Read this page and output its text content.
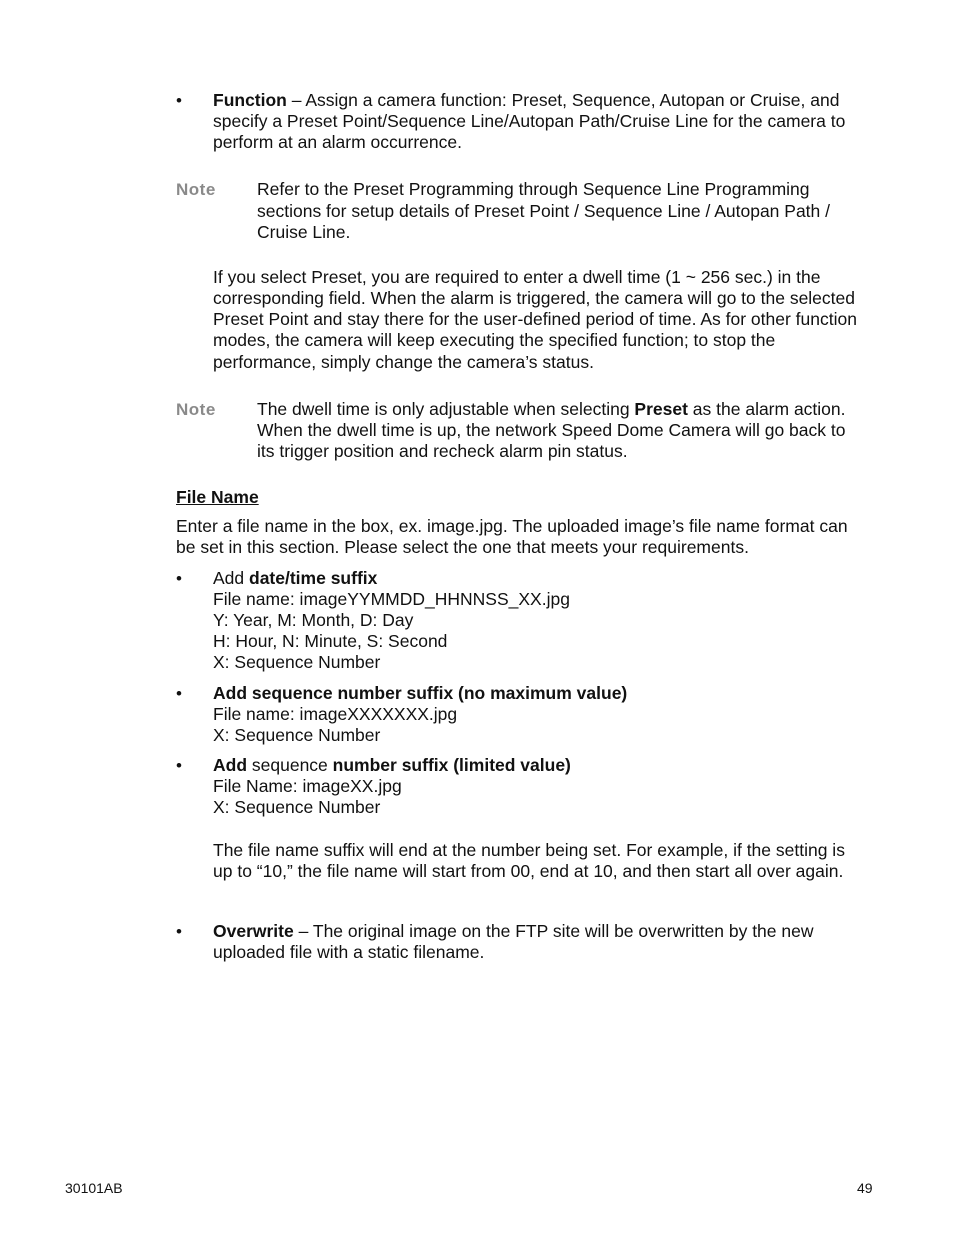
• Function – Assign a camera function: Preset, Sequence, Autopan or Cruise, and
specify a Preset Point/Sequence Line/Autopan Path/Cruise Line for the camera to
perform at an alarm occurrence.
Note Refer to the Preset Programming through Sequence Line Programming
sections for setup details of Preset Point / Sequence Line / Autopan Path /
Cruise Line.
If you select Preset, you are required to enter a dwell time (1 ~ 256 sec.) in the
corresponding field. When the alarm is triggered, the camera will go to the selected
Preset Point and stay there for the user-defined period of time. As for other function
modes, the camera will keep executing the specified function; to stop the
performance, simply change the camera’s status.
Note The dwell time is only adjustable when selecting Preset as the alarm action.
When the dwell time is up, the network Speed Dome Camera will go back to
its trigger position and recheck alarm pin status.
File Name
Enter a file name in the box, ex. image.jpg. The uploaded image’s file name format can
be set in this section. Please select the one that meets your requirements.
• Add date/time suffix
File name: imageYYMMDD_HHNNSS_XX.jpg
Y: Year, M: Month, D: Day
H: Hour, N: Minute, S: Second
X: Sequence Number
• Add sequence number suffix (no maximum value)
File name: imageXXXXXXX.jpg
X: Sequence Number
• Add sequence number suffix (limited value)
File Name: imageXX.jpg
X: Sequence Number
The file name suffix will end at the number being set. For example, if the setting is
up to “10,” the file name will start from 00, end at 10, and then start all over again.
• Overwrite – The original image on the FTP site will be overwritten by the new
uploaded file with a static filename.
30101AB	49
